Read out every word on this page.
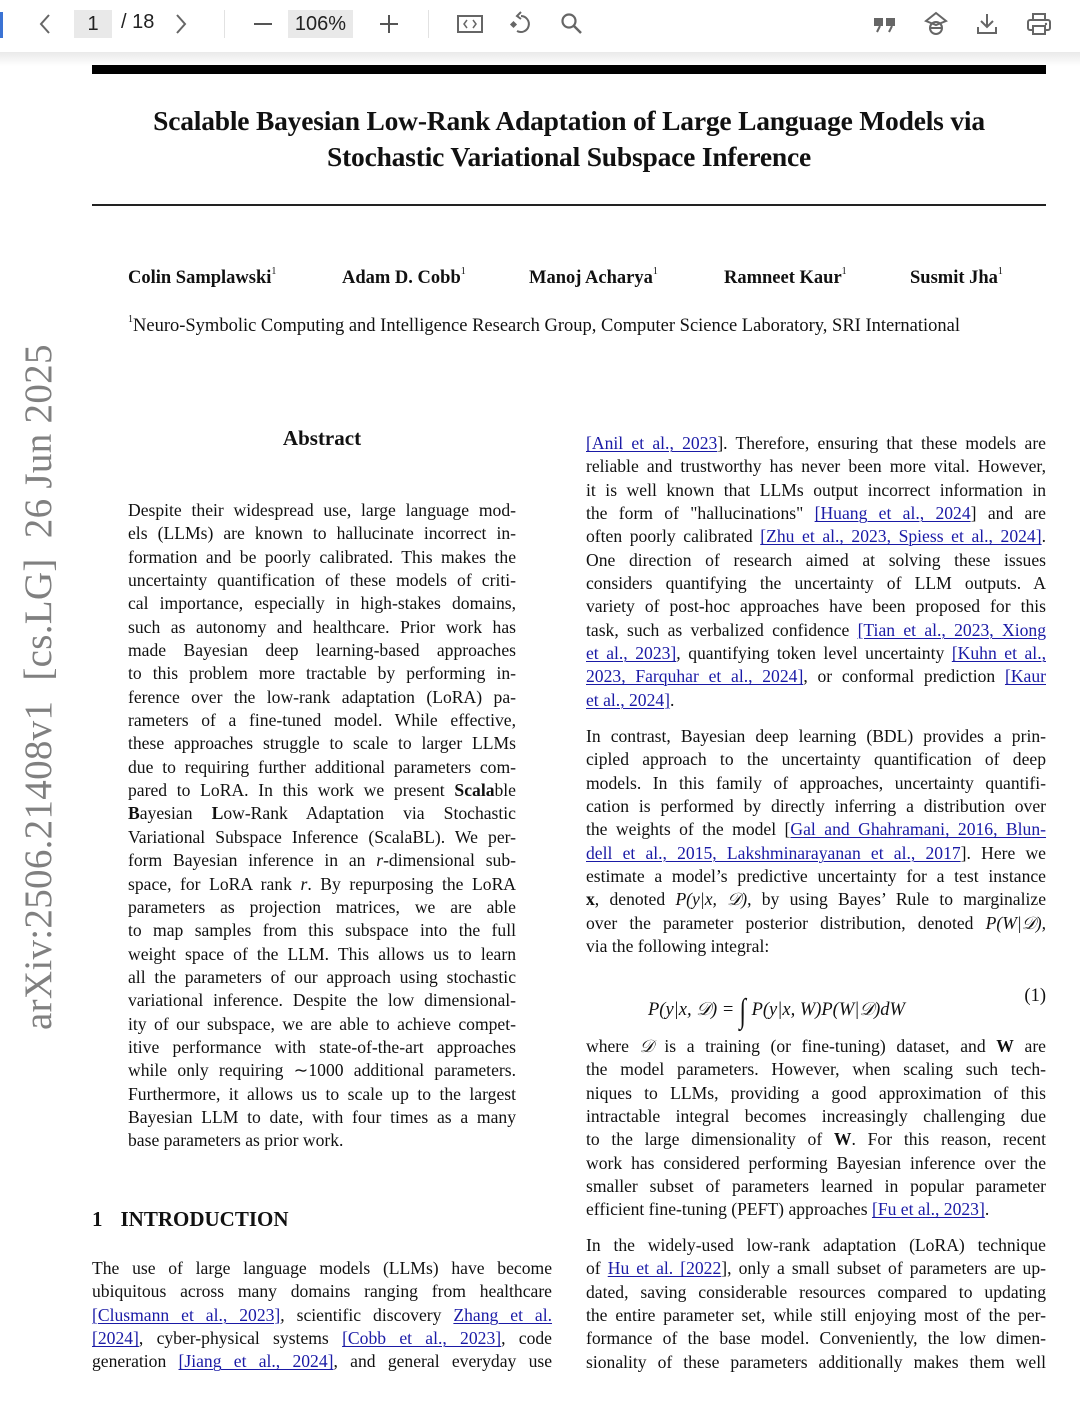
1	/ 18	106%
Scalable Bayesian Low-Rank Adaptation of Large Language Models via
Stochastic Variational Subspace Inference
Colin Samplawski$^1$	Adam D. Cobb$^1$	Manoj Acharya$^1$	Ramneet Kaur$^1$	Susmit Jha$^1$
$^1$Neuro-Symbolic Computing and Intelligence Research Group, Computer Science Laboratory, SRI International
arXiv:2506.21408v1  [cs.LG]  26 Jun 2025	Abstract
Despite their widespread use, large language mod-
els (LLMs) are known to hallucinate incorrect in-
formation and be poorly calibrated. This makes the
uncertainty quantification of these models of criti-
cal importance, especially in high-stakes domains,
such as autonomy and healthcare. Prior work has
made Bayesian deep learning-based approaches
to this problem more tractable by performing in-
ference over the low-rank adaptation (LoRA) pa-
rameters of a fine-tuned model. While effective,
these approaches struggle to scale to larger LLMs
due to requiring further additional parameters com-
pared to LoRA. In this work we present Scalable
Bayesian Low-Rank Adaptation via Stochastic
Variational Subspace Inference (ScalaBL). We per-
form Bayesian inference in an r-dimensional sub-
space, for LoRA rank r. By repurposing the LoRA
parameters as projection matrices, we are able
to map samples from this subspace into the full
weight space of the LLM. This allows us to learn
all the parameters of our approach using stochastic
variational inference. Despite the low dimensional-
ity of our subspace, we are able to achieve compet-
itive performance with state-of-the-art approaches
while only requiring ∼1000 additional parameters.
Furthermore, it allows us to scale up to the largest
Bayesian LLM to date, with four times as a many
base parameters as prior work.
1 INTRODUCTION
The use of large language models (LLMs) have become
ubiquitous across many domains ranging from healthcare
[Clusmann et al., 2023], scientific discovery Zhang et al.
[2024], cyber-physical systems [Cobb et al., 2023], code
generation [Jiang et al., 2024], and general everyday use
[Anil et al., 2023]. Therefore, ensuring that these models are
reliable and trustworthy has never been more vital. However,
it is well known that LLMs output incorrect information in
the form of "hallucinations" [Huang et al., 2024] and are
often poorly calibrated [Zhu et al., 2023, Spiess et al., 2024].
One direction of research aimed at solving these issues
considers quantifying the uncertainty of LLM outputs. A
variety of post-hoc approaches have been proposed for this
task, such as verbalized confidence [Tian et al., 2023, Xiong
et al., 2023], quantifying token level uncertainty [Kuhn et al.,
2023, Farquhar et al., 2024], or conformal prediction [Kaur
et al., 2024].
In contrast, Bayesian deep learning (BDL) provides a prin-
cipled approach to the uncertainty quantification of deep
models. In this family of approaches, uncertainty quantifi-
cation is performed by directly inferring a distribution over
the weights of the model [Gal and Ghahramani, 2016, Blun-
dell et al., 2015, Lakshminarayanan et al., 2017]. Here we
estimate a model’s predictive uncertainty for a test instance
x, denoted P(y|x, 𝒟), by using Bayes’ Rule to marginalize
over the parameter posterior distribution, denoted P(W|𝒟),
via the following integral:
P(y|x, 𝒟) = ∫ P(y|x, W)P(W|𝒟)dW
(1)
where 𝒟 is a training (or fine-tuning) dataset, and W are
the model parameters. However, when scaling such tech-
niques to LLMs, providing a good approximation of this
intractable integral becomes increasingly challenging due
to the large dimensionality of W. For this reason, recent
work has considered performing Bayesian inference over the
smaller subset of parameters learned in popular parameter
efficient fine-tuning (PEFT) approaches [Fu et al., 2023].
In the widely-used low-rank adaptation (LoRA) technique
of Hu et al. [2022], only a small subset of parameters are up-
dated, saving considerable resources compared to updating
the entire parameter set, while still enjoying most of the per-
formance of the base model. Conveniently, the low dimen-
sionality of these parameters additionally makes them well
